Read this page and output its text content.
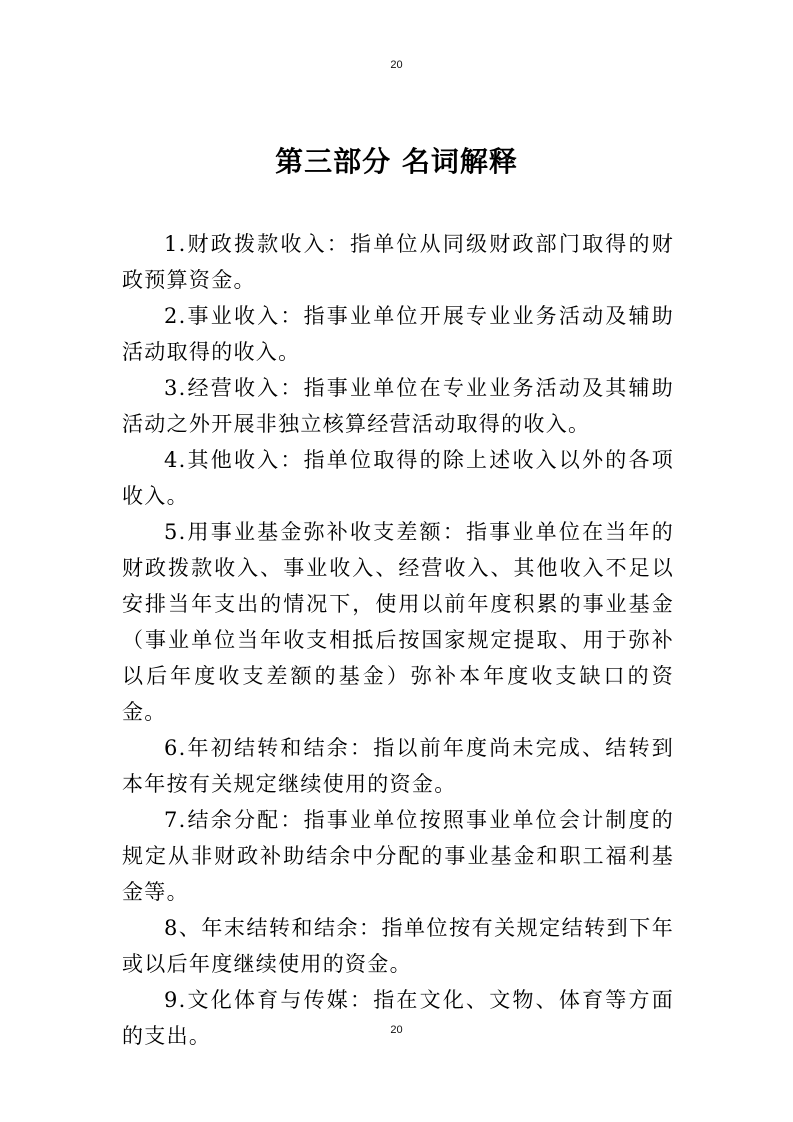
20
第三部分 名词解释

1.财政拨款收入：指单位从同级财政部门取得的财政预算资金。

2.事业收入：指事业单位开展专业业务活动及辅助活动取得的收入。

3.经营收入：指事业单位在专业业务活动及其辅助活动之外开展非独立核算经营活动取得的收入。

4.其他收入：指单位取得的除上述收入以外的各项收入。

5.用事业基金弥补收支差额：指事业单位在当年的财政拨款收入、事业收入、经营收入、其他收入不足以安排当年支出的情况下，使用以前年度积累的事业基金（事业单位当年收支相抵后按国家规定提取、用于弥补以后年度收支差额的基金）弥补本年度收支缺口的资金。

6.年初结转和结余：指以前年度尚未完成、结转到本年按有关规定继续使用的资金。

7.结余分配：指事业单位按照事业单位会计制度的规定从非财政补助结余中分配的事业基金和职工福利基金等。

8、年末结转和结余：指单位按有关规定结转到下年或以后年度继续使用的资金。

9.文化体育与传媒：指在文化、文物、体育等方面的支出。	20
